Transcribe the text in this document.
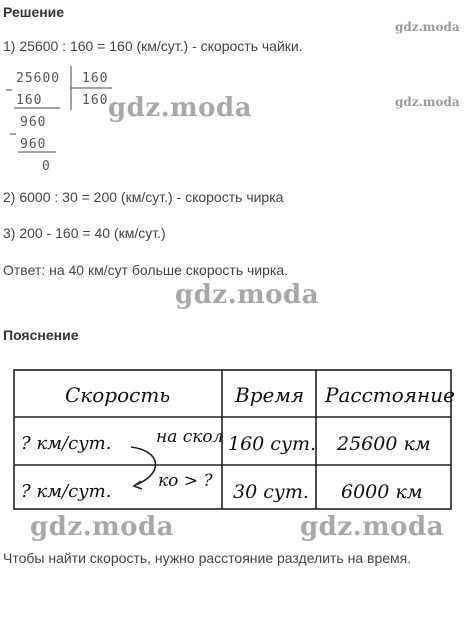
Решение
gdz.moda
gdz.moda
1) 25600 : 160 = 160 (км/сут.) - скорость чайки.
25600 160
160	160
960
960
0
gdz.moda
2) 6000 : 30 = 200 (км/сут.) - скорость чирка
3) 200 - 160 = 40 (км/сут.)
Ответ: на 40 км/сут больше скорость чирка.
gdz.moda
Пояснение
Скорость	Время Расстояние
? км/сут.	на скол 160 сут. 25600 км
? км/сут.	ко > ? 30 сут. 6000 км
gdz.moda	gdz.moda
Чтобы найти скорость, нужно расстояние разделить на время.
